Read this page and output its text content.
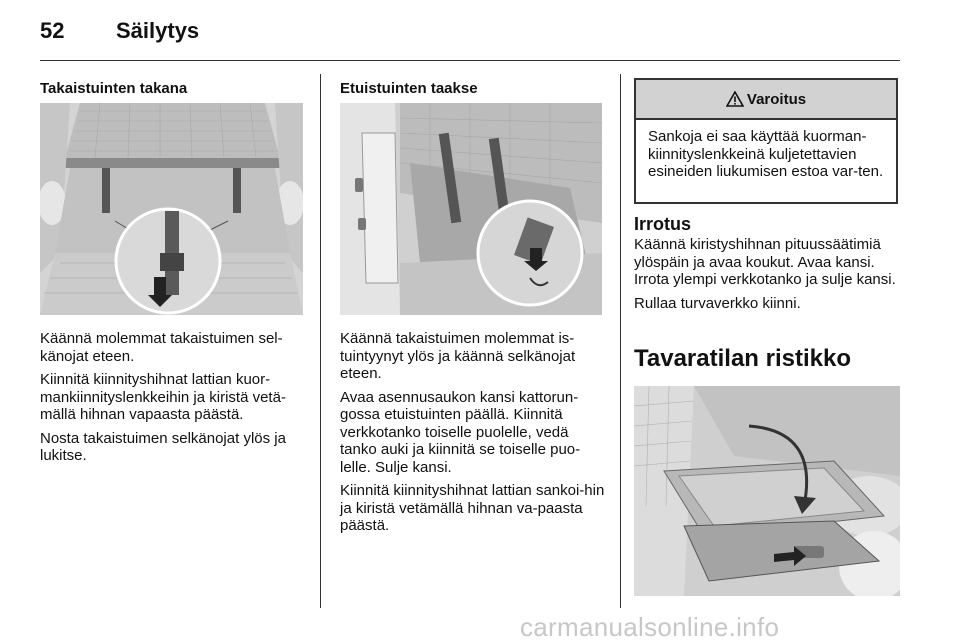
52 Säilytys
Takaistuinten takana

Käännä molemmat takaistuimen sel-känojat eteen.

Kiinnitä kiinnityshihnat lattian kuor-mankiinnityslenkkeihin ja kiristä vetä-mällä hihnan vapaasta päästä.

Nosta takaistuimen selkänojat ylös ja lukitse.

Etuistuinten taakse

Käännä takaistuimen molemmat is-tuintyynyt ylös ja käännä selkänojat eteen.

Avaa asennusaukon kansi kattorun-gossa etuistuinten päällä. Kiinnitä verkkotanko toiselle puolelle, vedä tanko auki ja kiinnitä se toiselle puo-lelle. Sulje kansi.

Kiinnitä kiinnityshihnat lattian sankoi-hin ja kiristä vetämällä hihnan va-paasta päästä.

Varoitus
Sankoja ei saa käyttää kuorman-kiinnityslenkkeinä kuljetettavien esineiden liukumisen estoa var-ten.
Irrotus

Käännä kiristyshihnan pituussäätimiä ylöspäin ja avaa koukut. Avaa kansi. Irrota ylempi verkkotanko ja sulje kansi.

Rullaa turvaverkko kiinni.

Tavaratilan ristikko
carmanualsonline.info
